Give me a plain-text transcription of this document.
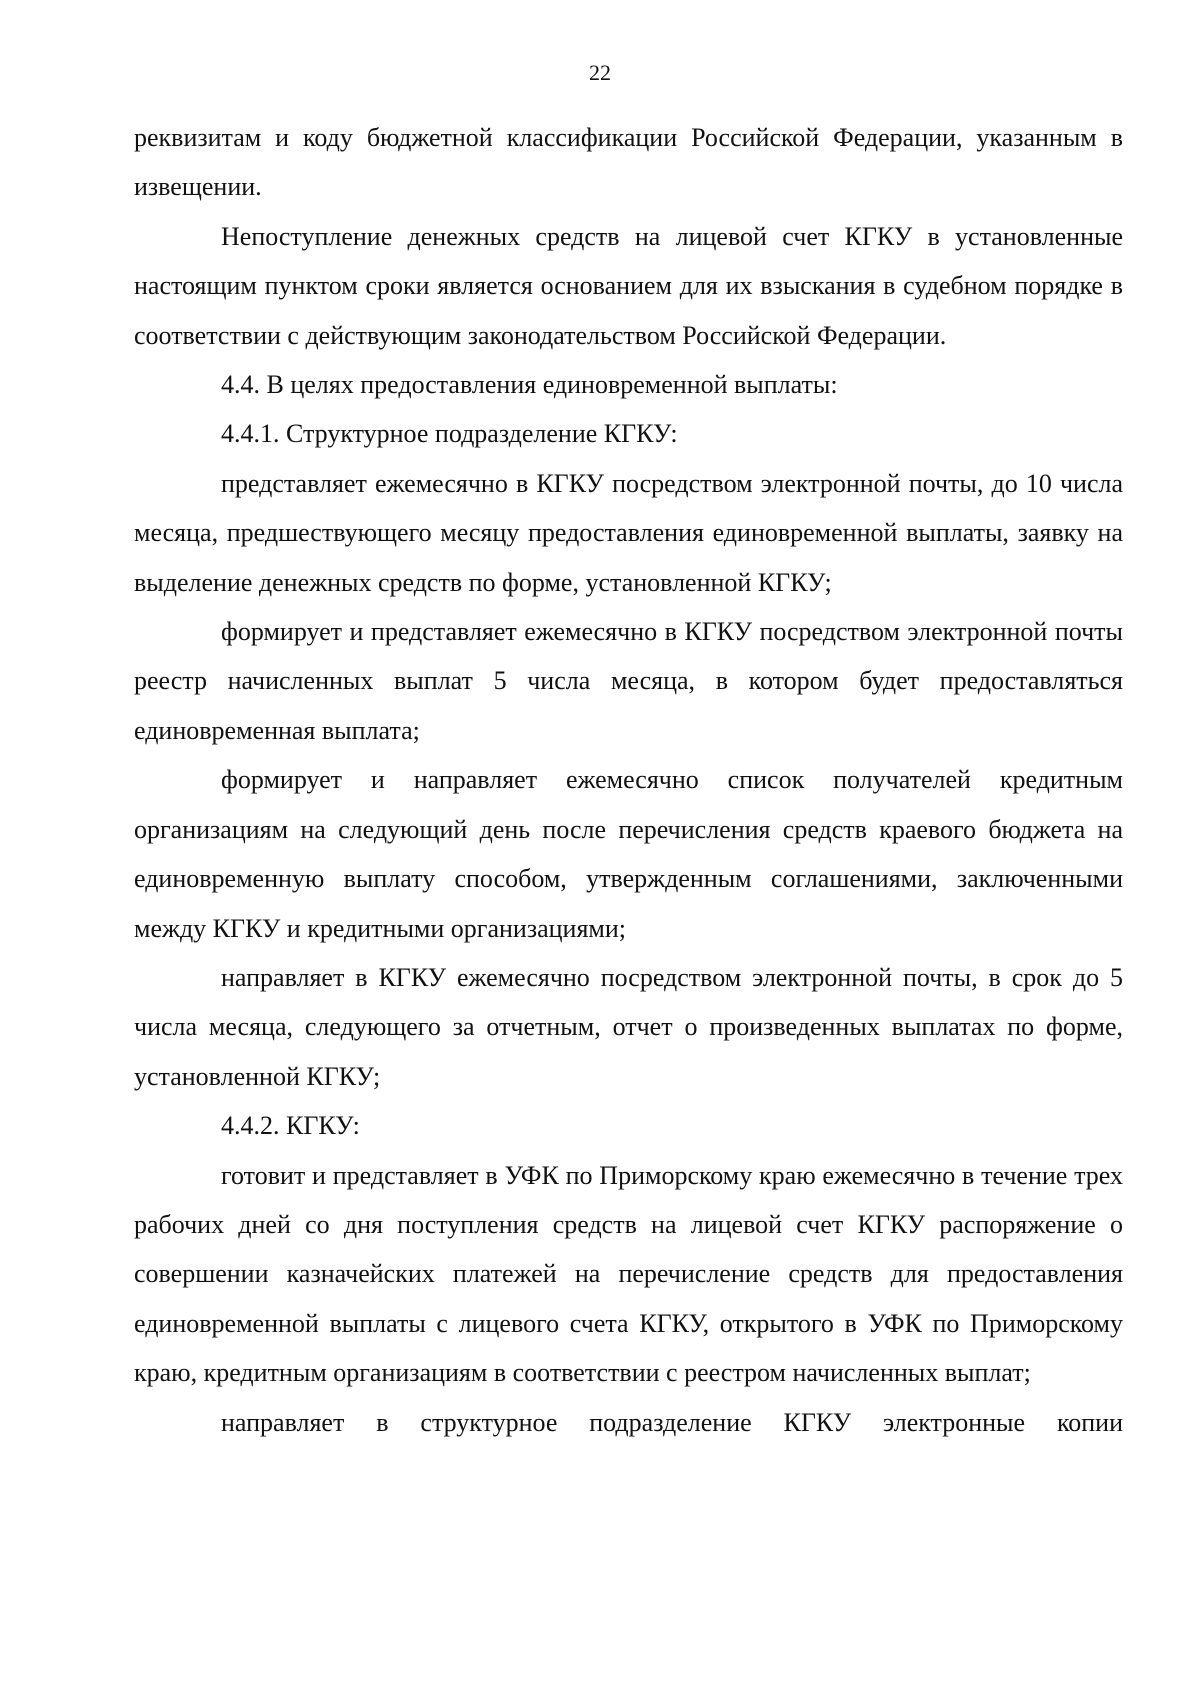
22

реквизитам и коду бюджетной классификации Российской Федерации, указанным в извещении.

Непоступление денежных средств на лицевой счет КГКУ в установленные настоящим пунктом сроки является основанием для их взыскания в судебном порядке в соответствии с действующим законодательством Российской Федерации.

4.4. В целях предоставления единовременной выплаты:

4.4.1. Структурное подразделение КГКУ:

представляет ежемесячно в КГКУ посредством электронной почты, до 10 числа месяца, предшествующего месяцу предоставления единовременной выплаты, заявку на выделение денежных средств по форме, установленной КГКУ;

формирует и представляет ежемесячно в КГКУ посредством электронной почты реестр начисленных выплат 5 числа месяца, в котором будет предоставляться единовременная выплата;

формирует и направляет ежемесячно список получателей кредитным организациям на следующий день после перечисления средств краевого бюджета на единовременную выплату способом, утвержденным соглашениями, заключенными между КГКУ и кредитными организациями;

направляет в КГКУ ежемесячно посредством электронной почты, в срок до 5 числа месяца, следующего за отчетным, отчет о произведенных выплатах по форме, установленной КГКУ;

4.4.2. КГКУ:

готовит и представляет в УФК по Приморскому краю ежемесячно в течение трех рабочих дней со дня поступления средств на лицевой счет КГКУ распоряжение о совершении казначейских платежей на перечисление средств для предоставления единовременной выплаты с лицевого счета КГКУ, открытого в УФК по Приморскому краю, кредитным организациям в соответствии с реестром начисленных выплат;

направляет в структурное подразделение КГКУ электронные копии
